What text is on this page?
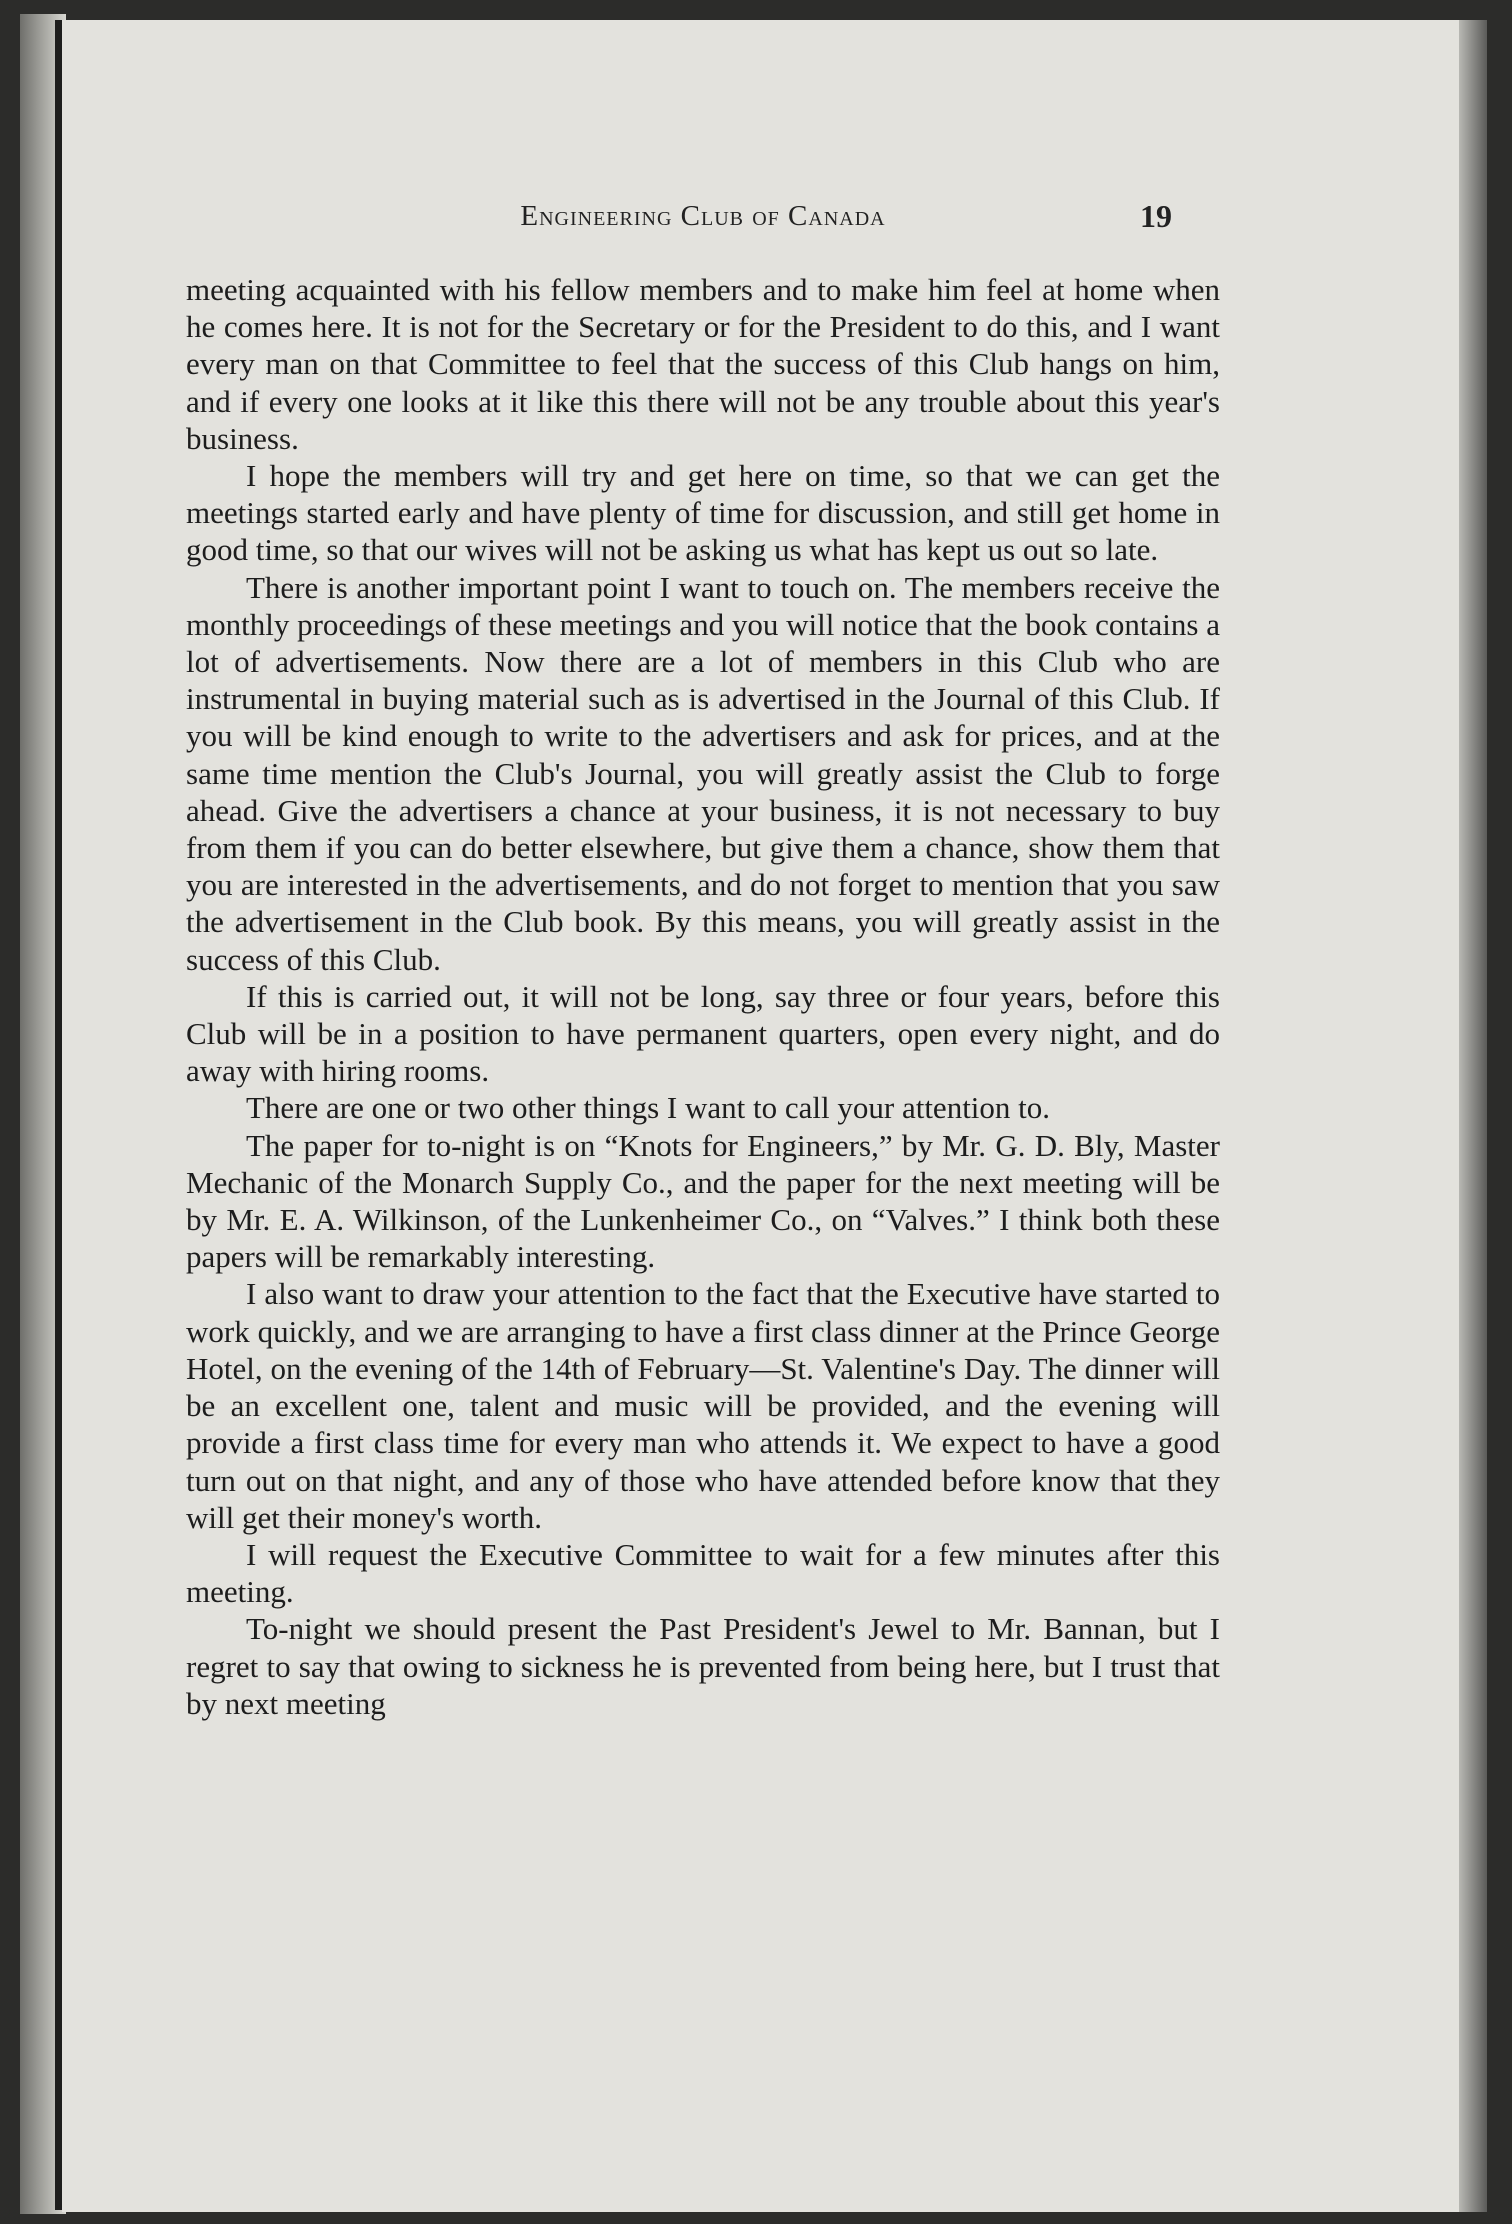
Engineering Club of Canada	19

meeting acquainted with his fellow members and to make him feel at home when he comes here. It is not for the Secretary or for the President to do this, and I want every man on that Committee to feel that the success of this Club hangs on him, and if every one looks at it like this there will not be any trouble about this year's business.

I hope the members will try and get here on time, so that we can get the meetings started early and have plenty of time for discussion, and still get home in good time, so that our wives will not be asking us what has kept us out so late.

There is another important point I want to touch on. The members receive the monthly proceedings of these meetings and you will notice that the book contains a lot of advertisements. Now there are a lot of members in this Club who are instrumental in buying material such as is advertised in the Journal of this Club. If you will be kind enough to write to the advertisers and ask for prices, and at the same time mention the Club's Journal, you will greatly assist the Club to forge ahead. Give the advertisers a chance at your business, it is not necessary to buy from them if you can do better elsewhere, but give them a chance, show them that you are interested in the advertisements, and do not forget to mention that you saw the advertisement in the Club book. By this means, you will greatly assist in the success of this Club.

If this is carried out, it will not be long, say three or four years, before this Club will be in a position to have permanent quarters, open every night, and do away with hiring rooms.

There are one or two other things I want to call your attention to.

The paper for to-night is on “Knots for Engineers,” by Mr. G. D. Bly, Master Mechanic of the Monarch Supply Co., and the paper for the next meeting will be by Mr. E. A. Wilkinson, of the Lunkenheimer Co., on “Valves.” I think both these papers will be remarkably interesting.

I also want to draw your attention to the fact that the Executive have started to work quickly, and we are arranging to have a first class dinner at the Prince George Hotel, on the evening of the 14th of February—St. Valentine's Day. The dinner will be an excellent one, talent and music will be provided, and the evening will provide a first class time for every man who attends it. We expect to have a good turn out on that night, and any of those who have attended before know that they will get their money's worth.

I will request the Executive Committee to wait for a few minutes after this meeting.

To-night we should present the Past President's Jewel to Mr. Bannan, but I regret to say that owing to sickness he is prevented from being here, but I trust that by next meeting
